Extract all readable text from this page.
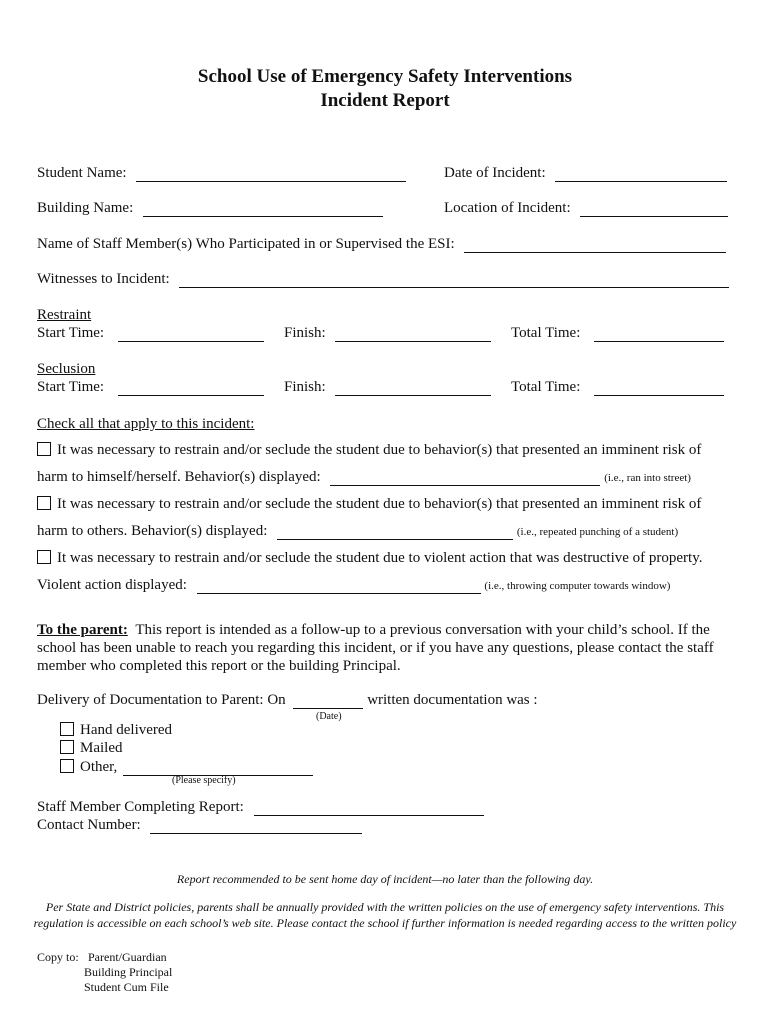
School Use of Emergency Safety Interventions
Incident Report
Student Name:	Date of Incident:
Building Name:	Location of Incident:
Name of Staff Member(s) Who Participated in or Supervised the ESI:
Witnesses to Incident:
Restraint
Start Time:	Finish:	Total Time:
Seclusion
Start Time:	Finish:	Total Time:
Check all that apply to this incident:
It was necessary to restrain and/or seclude the student due to behavior(s) that presented an imminent risk of
harm to himself/herself. Behavior(s) displayed:	(i.e., ran into street)
It was necessary to restrain and/or seclude the student due to behavior(s) that presented an imminent risk of
harm to others. Behavior(s) displayed:	(i.e., repeated punching of a student)
It was necessary to restrain and/or seclude the student due to violent action that was destructive of property.
Violent action displayed:	(i.e., throwing computer towards window)
To the parent: This report is intended as a follow-up to a previous conversation with your child’s school. If the school has been unable to reach you regarding this incident, or if you have any questions, please contact the staff member who completed this report or the building Principal.
Delivery of Documentation to Parent: On	written documentation was :
(Date)
Hand delivered
Mailed
Other,
(Please specify)
Staff Member Completing Report:
Contact Number:
Report recommended to be sent home day of incident—no later than the following day.
Per State and District policies, parents shall be annually provided with the written policies on the use of emergency safety interventions. This regulation is accessible on each school’s web site. Please contact the school if further information is needed regarding access to the written policy
Copy to: Parent/Guardian
Building Principal
Student Cum File
